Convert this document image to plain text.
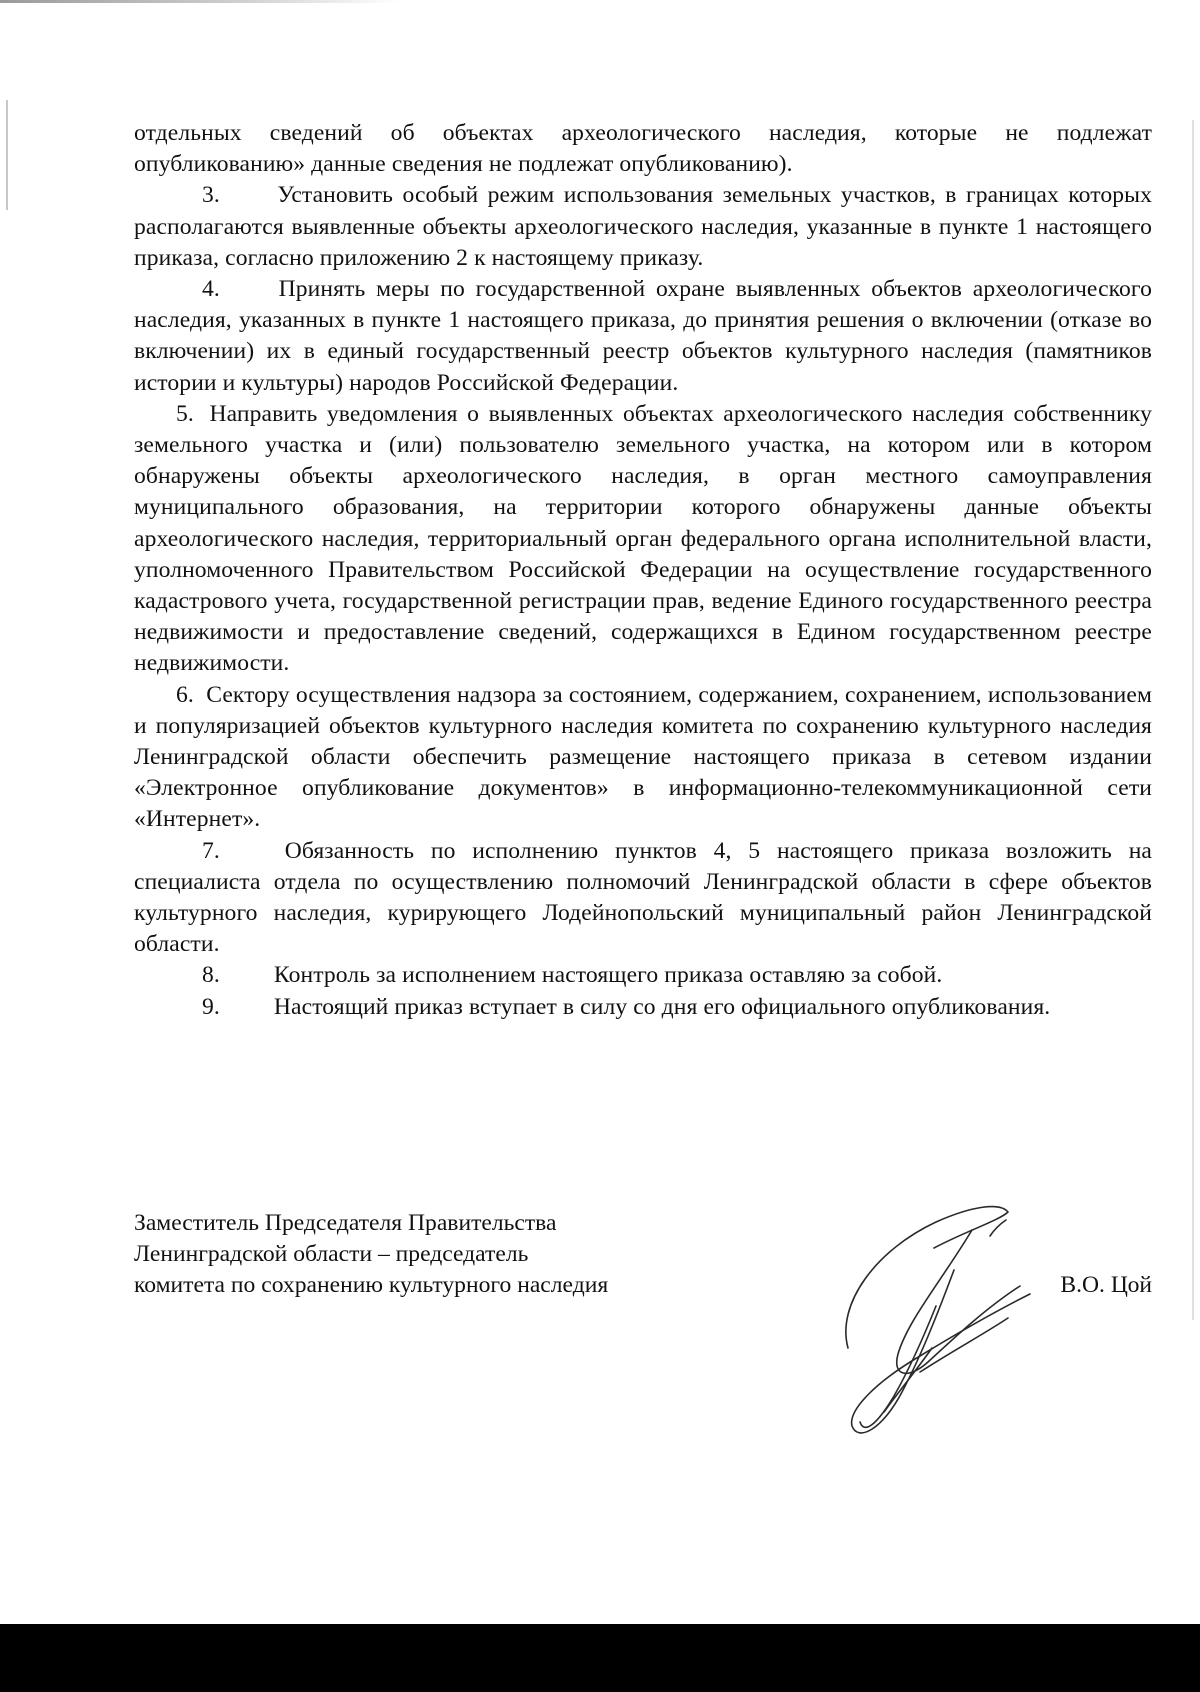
отдельных сведений об объектах археологического наследия, которые не подлежат опубликованию» данные сведения не подлежат опубликованию).

3. Установить особый режим использования земельных участков, в границах которых располагаются выявленные объекты археологического наследия, указанные в пункте 1 настоящего приказа, согласно приложению 2 к настоящему приказу.

4. Принять меры по государственной охране выявленных объектов археологического наследия, указанных в пункте 1 настоящего приказа, до принятия решения о включении (отказе во включении) их в единый государственный реестр объектов культурного наследия (памятников истории и культуры) народов Российской Федерации.

5. Направить уведомления о выявленных объектах археологического наследия собственнику земельного участка и (или) пользователю земельного участка, на котором или в котором обнаружены объекты археологического наследия, в орган местного самоуправления муниципального образования, на территории которого обнаружены данные объекты археологического наследия, территориальный орган федерального органа исполнительной власти, уполномоченного Правительством Российской Федерации на осуществление государственного кадастрового учета, государственной регистрации прав, ведение Единого государственного реестра недвижимости и предоставление сведений, содержащихся в Едином государственном реестре недвижимости.

6. Сектору осуществления надзора за состоянием, содержанием, сохранением, использованием и популяризацией объектов культурного наследия комитета по сохранению культурного наследия Ленинградской области обеспечить размещение настоящего приказа в сетевом издании «Электронное опубликование документов» в информационно-телекоммуникационной сети «Интернет».

7.	Обязанность по исполнению пунктов 4, 5 настоящего приказа возложить на специалиста отдела по осуществлению полномочий Ленинградской области в сфере объектов культурного наследия, курирующего Лодейнопольский муниципальный район Ленинградской области.

8. Контроль за исполнением настоящего приказа оставляю за собой.

9. Настоящий приказ вступает в силу со дня его официального опубликования.

Заместитель Председателя Правительства
Ленинградской области – председатель
комитета по сохранению культурного наследия	В.О. Цой
